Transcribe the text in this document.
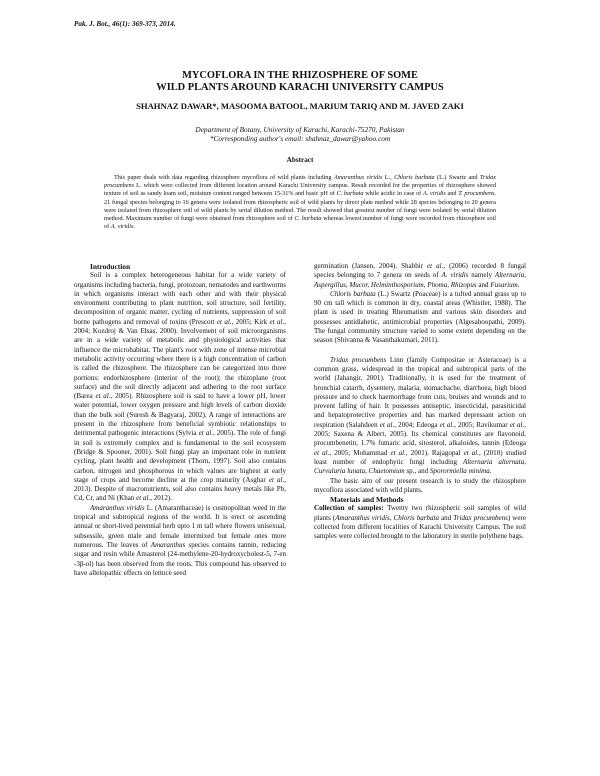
Pak. J. Bot., 46(1): 369-373, 2014.
MYCOFLORA IN THE RHIZOSPHERE OF SOME
WILD PLANTS AROUND KARACHI UNIVERSITY CAMPUS
SHAHNAZ DAWAR*, MASOOMA BATOOL, MARIUM TARIQ AND M. JAVED ZAKI
Department of Botany, University of Karachi, Karachi-75270, Pakistan
*Corresponding author's email: shahnaz_dawar@yahoo.com
Abstract

This paper deals with data regarding rhizosphere mycoflora of wild plants including Amaranthus viridis L., Chloris barbata (L.) Swartz and Tridax procumbens L. which were collected from different location around Karachi University campus. Result recorded for the properties of rhizosphere showed texture of soil as sandy loam soil, moisture content ranged between 15-31% and basic pH of C. barbata while acidic in case of A. viridis and T. procumbens. 21 fungal species belonging to 16 genera were isolated from rhizospheric soil of wild plants by direct plate method while 28 species belonging to 20 genera were isolated from rhizosphere soil of wild plants by serial dilution method. The result showed that greatest number of fungi were isolated by serial dilution method. Maximum number of fungi were obtained from rhizosphere soil of C. barbata whereas lowest number of fungi were recorded from rhizosphere soil of A. viridis.

Introduction

Soil is a complex heterogeneous habitat for a wide variety of organisms including bacteria, fungi, protozoan, nematodes and earthworms in which organisms interact with each other and with their physical environment contributing to plant nutrition, soil structure, soil fertility, decomposition of organic matter, cycling of nutrients, suppression of soil borne pathogens and removal of toxins (Prescott et al., 2005; Kirk et al., 2004; Kozdroj & Van Elsas, 2000). Involvement of soil microorganisms are in a wide variety of metabolic and physiological activities that influence the microhabitat. The plant's root with zone of intense microbial metabolic activity occurring where there is a high concentration of carbon is called the rhizosphere. The rhizosphere can be categorized into three portions: endorhizosphere (interior of the root); the rhizoplane (root surface) and the soil directly adjacent and adhering to the root surface (Barea et al., 2005). Rhizosphere soil is said to have a lower pH, lower water potential, lower oxygen pressure and high levels of carbon dioxide than the bulk soil (Suresh & Bagyaraj, 2002). A range of interactions are present in the rhizosphere from beneficial symbiotic relationships to detrimental pathogenic interactions (Sylvia et al., 2005). The role of fungi in soil is extremely complex and is fundamental to the soil ecosystem (Bridge & Spooner, 2001). Soil fungi play an important role in nutrient cycling, plant health and development (Thorn, 1997). Soil also contains carbon, nitrogen and phosphorous in which values are highest at early stage of crops and become decline at the crop maturity (Asghar et al., 2013). Despite of macronutrients, soil also contains heavy metals like Pb, Cd, Cr, and Ni (Khan et al., 2012).

Amaranthus viridis L. (Amaranthaceae) is cosmopolitan weed in the tropical and subtropical regions of the world. It is erect or ascending annual or short-lived perennial herb upto 1 m tall where flowers unisexual, subsessile, green male and female intermixed but female ones more numerous. The leaves of Amaranthus species contains tannin, reducing sugar and resin while Amasterol (24-methylene-20-hydroxycholest-5, 7-en -3β-ol) has been observed from the roots. This compound has observed to have allelopathic effects on lettuce seed

germination (Jansen, 2004). Shabbir et al., (2006) recorded 8 fungal species belonging to 7 genera on seeds of A. viridis namely Alternaria, Aspergillus, Mucor, Helminthosporium, Phoma, Rhizopus and Fusarium.

Chloris barbata (L.) Swartz (Poaceae) is a tufted annual grass up to 90 cm tall which is common in dry, coastal areas (Whistler, 1988). The plant is used in treating Rheumatism and various skin disorders and possesses antidiabetic, antimicrobial properties (Algesaboopathi, 2009). The fungal community structure varied to some extent depending on the season (Shivanna & Vasanthakumari, 2011).

Tridax procumbens Linn (family Compositae or Asteraceae) is a common grass, widespread in the tropical and subtropical parts of the world (Jahangir, 2001). Traditionally, it is used for the treatment of bronchial catarrh, dysentery, malaria, stomachache, diarrhoea, high blood pressure and to check haemorrhage from cuts, bruises and wounds and to prevent falling of hair. It possesses antiseptic, insecticidal, parasiticidal and hepatoprotective properties and has marked depressant action on respiration (Salahdeen et al., 2004; Edeoga et al., 2005; Ravikumar et al., 2005; Saxena & Albert, 2005). Its chemical constitutes are flavonoid, procumbenetin, 1.7% fumaric acid, sitosterol, alkaloides, tannin (Edeoga et al., 2005; Mohammad et al., 2001). Rajagopal et al., (2010) studied least number of endophytic fungi including Alternaria alternata, Curvularia lunata, Chaetomium sp., and Sporormiella minima.

The basic aim of our present research is to study the rhizosphere mycoflora associated with wild plants.

Materials and Methods

Collection of samples: Twenty two rhizospheric soil samples of wild plants (Amaranthus viridis, Chloris barbata and Tridax procumbens) were collected from different localities of Karachi University Campus. The soil samples were collected brought to the laboratory in sterile polythene bags.
